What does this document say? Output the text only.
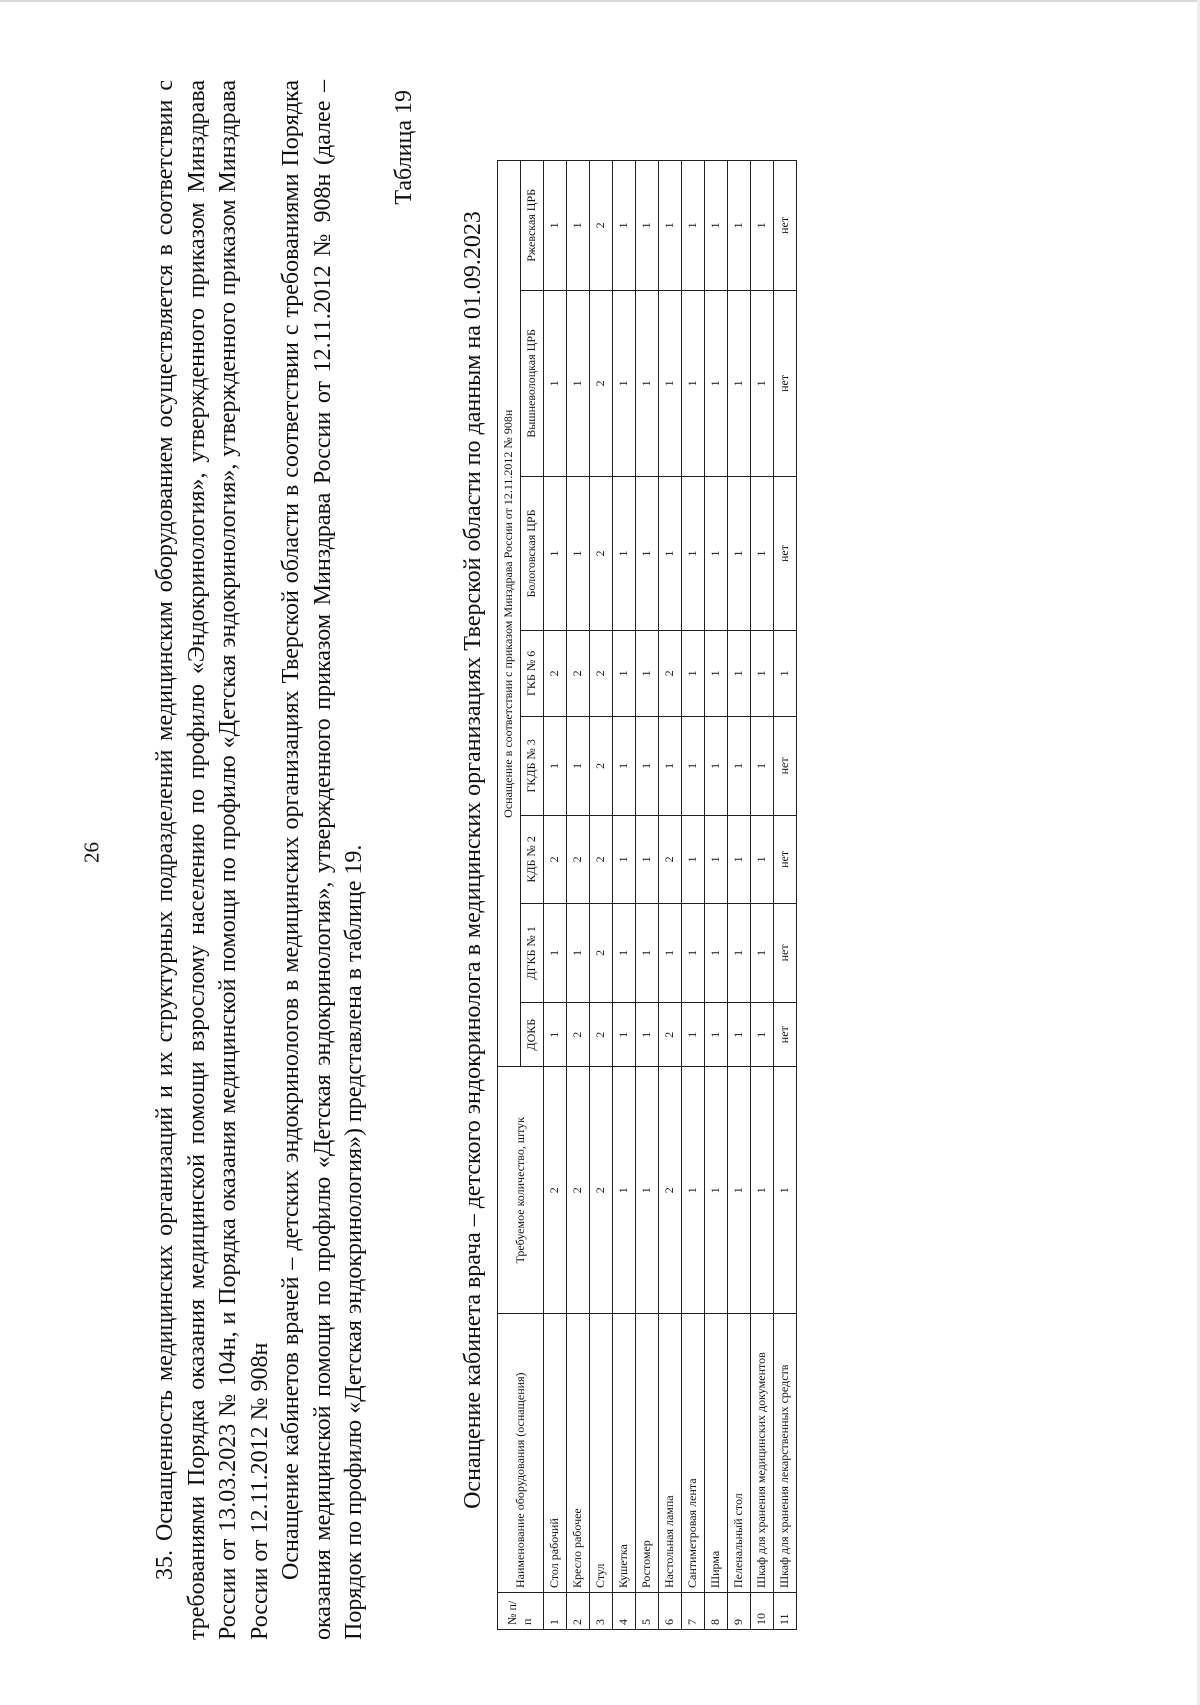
26 35. Оснащенность медицинских организаций и их структурных подразделений медицинским оборудованием осуществляется в соответствии с требованиями Порядка оказания медицинской помощи взрослому населению по профилю «Эндокринология», утвержденного приказом Минздрава России от 13.03.2023 № 104н, и Порядка оказания медицинской помощи по профилю «Детская эндокринология», утвержденного приказом Минздрава России от 12.11.2012 № 908н Оснащение кабинетов врачей – детских эндокринологов в медицинских организациях Тверской области в соответствии с требованиями Порядка оказания медицинской помощи по профилю «Детская эндокринология», утвержденного приказом Минздрава России от 12.11.2012 № 908н (далее – Порядок по профилю «Детская эндокринология») представлена в таблице 19.

Таблица 19
Оснащение кабинета врача – детского эндокринолога в медицинских организациях Тверской области по данным на 01.09.2023
№ п/п	Наименование оборудования (оснащения)	Требуемое количество, штук	Оснащение в соответствии с приказом Минздрава России от 12.11.2012 № 908н							
			ДОКБ	ДГКБ № 1	КДБ № 2	ГКДБ № 3	ГКБ № 6	Бологовская ЦРБ	Вышневолоцкая ЦРБ	Ржевская ЦРБ
1	Стол рабочий	2	1	1	2	1	2	1	1	1
2	Кресло рабочее	2	2	1	2	1	2	1	1	1
3	Стул	2	2	2	2	2	2	2	2	2
4	Кушетка	1	1	1	1	1	1	1	1	1
5	Ростомер	1	1	1	1	1	1	1	1	1
6	Настольная лампа	2	2	1	2	1	2	1	1	1
7	Сантиметровая лента	1	1	1	1	1	1	1	1	1
8	Ширма	1	1	1	1	1	1	1	1	1
9	Пеленальный стол	1	1	1	1	1	1	1	1	1
10	Шкаф для хранения медицинских документов	1	1	1	1	1	1	1	1	1
11	Шкаф для хранения лекарственных средств	1	нет	нет	нет	нет	1	нет	нет	нет
